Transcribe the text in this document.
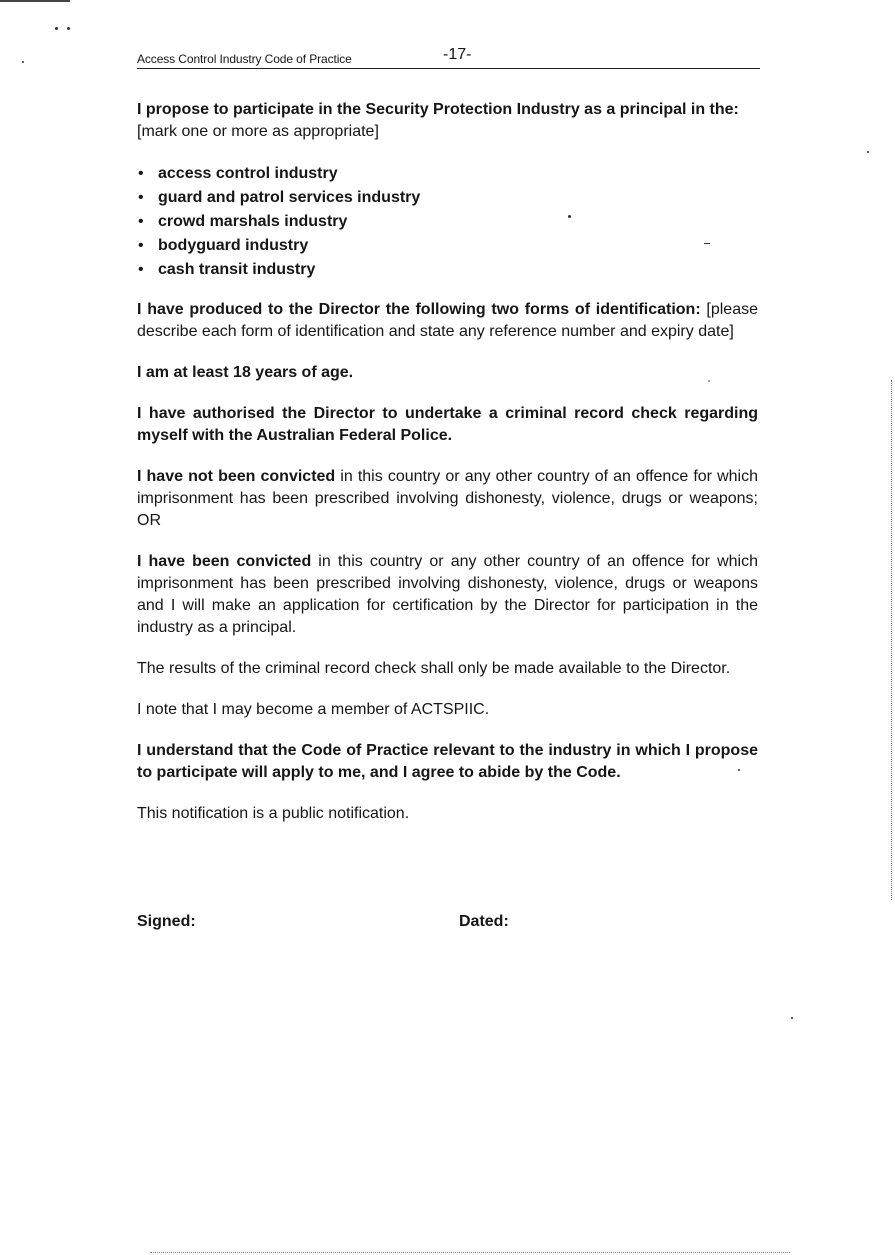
Access Control Industry Code of Practice	-17-

I propose to participate in the Security Protection Industry as a principal in the: [mark one or more as appropriate]

• access control industry
• guard and patrol services industry
• crowd marshals industry
• bodyguard industry
• cash transit industry

I have produced to the Director the following two forms of identification: [please describe each form of identification and state any reference number and expiry date]

I am at least 18 years of age.

I have authorised the Director to undertake a criminal record check regarding myself with the Australian Federal Police.

I have not been convicted in this country or any other country of an offence for which imprisonment has been prescribed involving dishonesty, violence, drugs or weapons; OR

I have been convicted in this country or any other country of an offence for which imprisonment has been prescribed involving dishonesty, violence, drugs or weapons and I will make an application for certification by the Director for participation in the industry as a principal.

The results of the criminal record check shall only be made available to the Director.

I note that I may become a member of ACTSPIIC.

I understand that the Code of Practice relevant to the industry in which I propose to participate will apply to me, and I agree to abide by the Code.

This notification is a public notification.

Signed:	Dated:
